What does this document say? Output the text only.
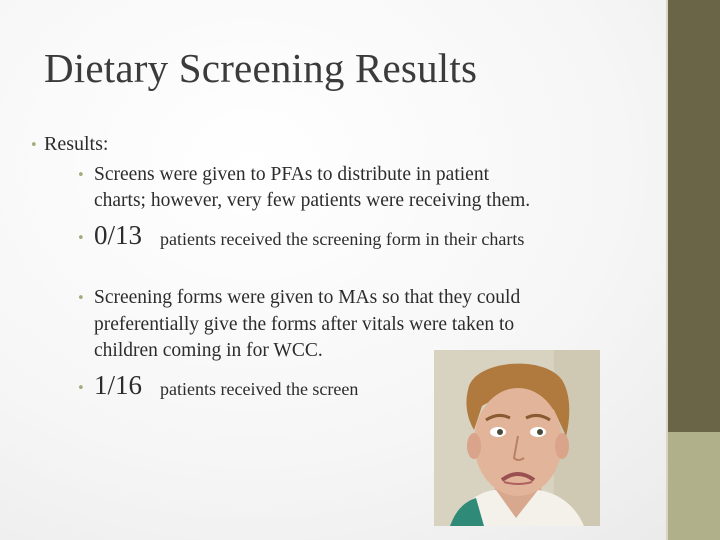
Dietary Screening Results
• Results:
• Screens were given to PFAs to distribute in patient
charts; however, very few patients were receiving them.
• 0/13 patients received the screening form in their charts
• Screening forms were given to MAs so that they could
preferentially give the forms after vitals were taken to
children coming in for WCC.
• 1/16 patients received the screen
